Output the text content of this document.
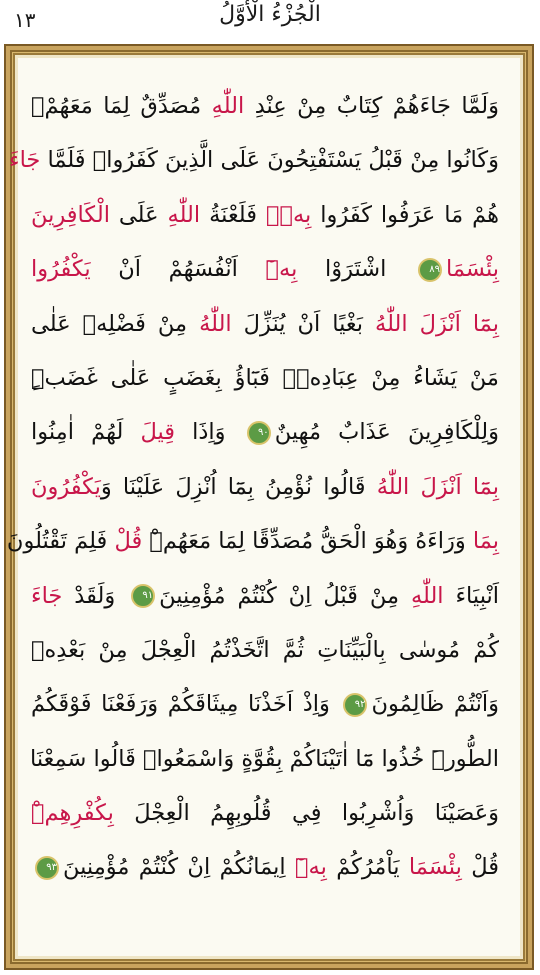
الْجُزْءُ الْأَوَّلُ
١٣
وَلَمَّا جَاءَهُمْ كِتَابٌ مِنْ عِنْدِ اللّٰهِ مُصَدِّقٌ لِمَا مَعَهُمْۙ
وَكَانُوا مِنْ قَبْلُ يَسْتَفْتِحُونَ عَلَى الَّذِينَ كَفَرُواۚ فَلَمَّا جَاءَ
هُمْ مَا عَرَفُوا كَفَرُوا بِهٖۘ فَلَعْنَةُ اللّٰهِ عَلَى الْكَافِرِينَ
بِئْسَمَا٨٩ اشْتَرَوْا بِهٖٓ اَنْفُسَهُمْ اَنْ يَكْفُرُوا
بِمَٓا اَنْزَلَ اللّٰهُ بَغْيًا اَنْ يُنَزِّلَ اللّٰهُ مِنْ فَضْلِهٖ عَلٰى
مَنْ يَشَاءُ مِنْ عِبَادِهٖۚ فَبَٓاؤُ بِغَضَبٍ عَلٰى غَضَبٍۜ
وَلِلْكَافِرِينَ عَذَابٌ مُهِينٌ٩٠ وَاِذَا قِيلَ لَهُمْ اٰمِنُوا
بِمَٓا اَنْزَلَ اللّٰهُ قَالُوا نُؤْمِنُ بِمَٓا اُنْزِلَ عَلَيْنَا وَيَكْفُرُونَ
بِمَا وَرَاءَهُ وَهُوَ الْحَقُّ مُصَدِّقًا لِمَا مَعَهُمْۜ قُلْ فَلِمَ تَقْتُلُونَ
اَنْبِيَاءَ اللّٰهِ مِنْ قَبْلُ اِنْ كُنْتُمْ مُؤْمِنِينَ٩١ وَلَقَدْ جَاءَ
كُمْ مُوسٰى بِالْبَيِّنَاتِ ثُمَّ اتَّخَذْتُمُ الْعِجْلَ مِنْ بَعْدِهٖ
وَاَنْتُمْ ظَالِمُونَ٩٢ وَاِذْ اَخَذْنَا مِيثَاقَكُمْ وَرَفَعْنَا فَوْقَكُمُ
الطُّورَۜ خُذُوا مَٓا اٰتَيْنَاكُمْ بِقُوَّةٍ وَاسْمَعُواۜ قَالُوا سَمِعْنَا
وَعَصَيْنَا وَاُشْرِبُوا فِي قُلُوبِهِمُ الْعِجْلَ بِكُفْرِهِمْۜ
قُلْ بِئْسَمَا يَاْمُرُكُمْ بِهٖٓ اِيمَانُكُمْ اِنْ كُنْتُمْ مُؤْمِنِينَ٩٣
